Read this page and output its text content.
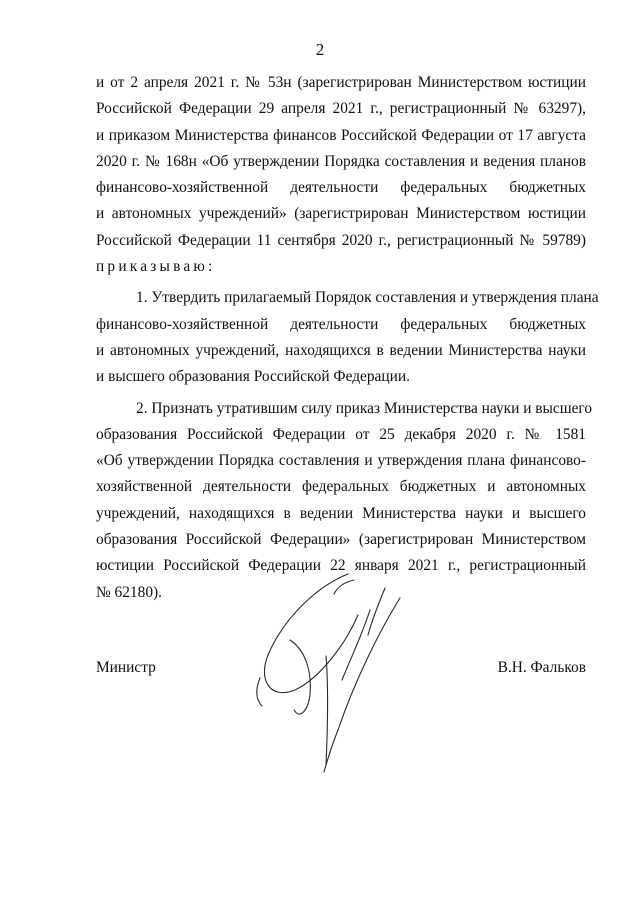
2
и от 2 апреля 2021 г. № 53н (зарегистрирован Министерством юстиции
Российской Федерации 29 апреля 2021 г., регистрационный № 63297),
и приказом Министерства финансов Российской Федерации от 17 августа
2020 г. № 168н «Об утверждении Порядка составления и ведения планов
финансово-хозяйственной деятельности федеральных бюджетных
и автономных учреждений» (зарегистрирован Министерством юстиции
Российской Федерации 11 сентября 2020 г., регистрационный № 59789)
приказываю:
1. Утвердить прилагаемый Порядок составления и утверждения плана
финансово-хозяйственной деятельности федеральных бюджетных
и автономных учреждений, находящихся в ведении Министерства науки
и высшего образования Российской Федерации.
2. Признать утратившим силу приказ Министерства науки и высшего
образования Российской Федерации от 25 декабря 2020 г. № 1581
«Об утверждении Порядка составления и утверждения плана финансово-
хозяйственной деятельности федеральных бюджетных и автономных
учреждений, находящихся в ведении Министерства науки и высшего
образования Российской Федерации» (зарегистрирован Министерством
юстиции Российской Федерации 22 января 2021 г., регистрационный
№ 62180).
Министр	В.Н. Фальков
